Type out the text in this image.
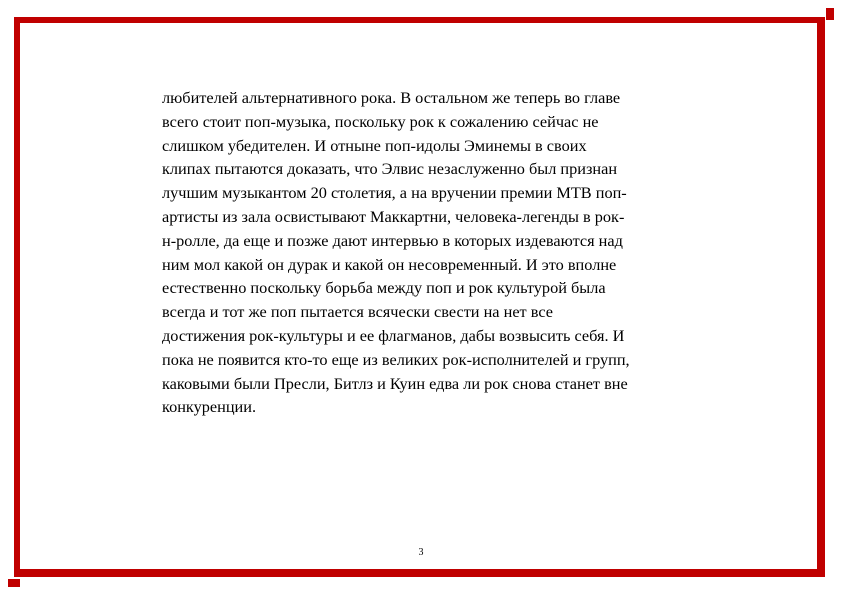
любителей альтернативного рока. В остальном же теперь во главе
всего стоит поп-музыка, поскольку рок к сожалению сейчас не
слишком убедителен. И отныне поп-идолы Эминемы в своих
клипах пытаются доказать, что Элвис незаслуженно был признан
лучшим музыкантом 20 столетия, а на вручении премии МТВ поп-
артисты из зала освистывают Маккартни, человека-легенды в рок-
н-ролле, да еще и позже дают интервью в которых издеваются над
ним мол какой он дурак и какой он несовременный. И это вполне
естественно поскольку борьба между поп и рок культурой была
всегда и тот же поп пытается всячески свести на нет все
достижения рок-культуры и ее флагманов, дабы возвысить себя. И
пока не появится кто-то еще из великих рок-исполнителей и групп,
каковыми были Пресли, Битлз и Куин едва ли рок снова станет вне
конкуренции.

3
